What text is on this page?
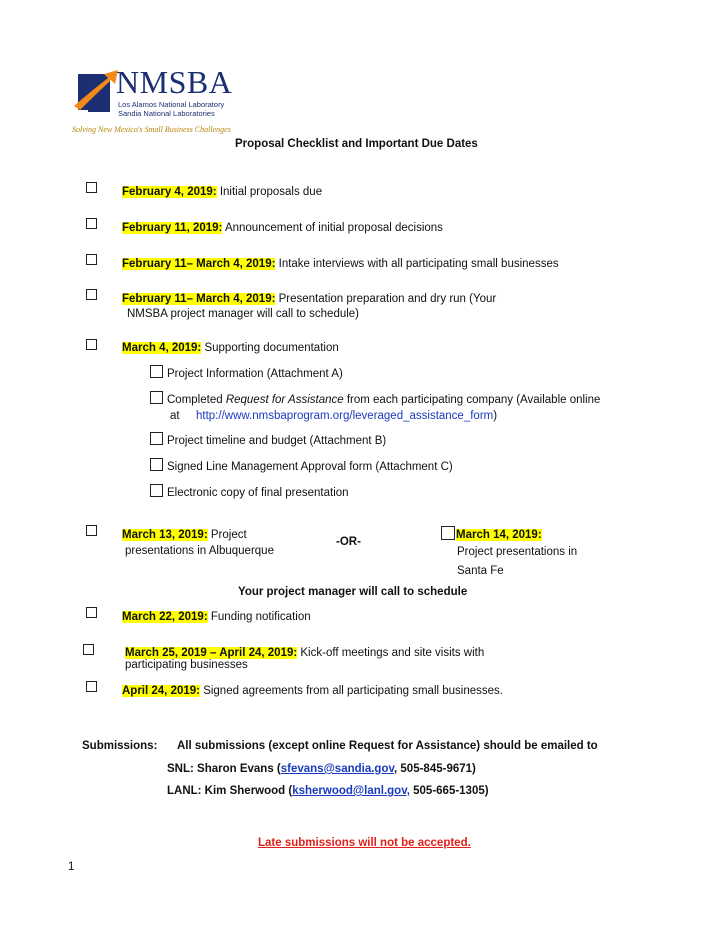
NMSBA
Los Alamos National Laboratory
Sandia National Laboratories
Solving New Mexico's Small Business Challenges
Proposal Checklist and Important Due Dates
February 4, 2019: Initial proposals due
February 11, 2019: Announcement of initial proposal decisions
February 11– March 4, 2019: Intake interviews with all participating small businesses
February 11– March 4, 2019: Presentation preparation and dry run (Your
NMSBA project manager will call to schedule)
March 4, 2019: Supporting documentation
Project Information (Attachment A)
Completed Request for Assistance from each participating company (Available online
at http://www.nmsbaprogram.org/leveraged_assistance_form)
Project timeline and budget (Attachment B)
Signed Line Management Approval form (Attachment C)
Electronic copy of final presentation
March 13, 2019: Project
presentations in Albuquerque
-OR-
March 14, 2019:
Project presentations in
Santa Fe
Your project manager will call to schedule
March 22, 2019: Funding notification
March 25, 2019 – April 24, 2019: Kick-off meetings and site visits with
participating businesses
April 24, 2019: Signed agreements from all participating small businesses.
Submissions: All submissions (except online Request for Assistance) should be emailed to
SNL: Sharon Evans (sfevans@sandia.gov, 505-845-9671)
LANL: Kim Sherwood (ksherwood@lanl.gov, 505-665-1305)
Late submissions will not be accepted.
1
